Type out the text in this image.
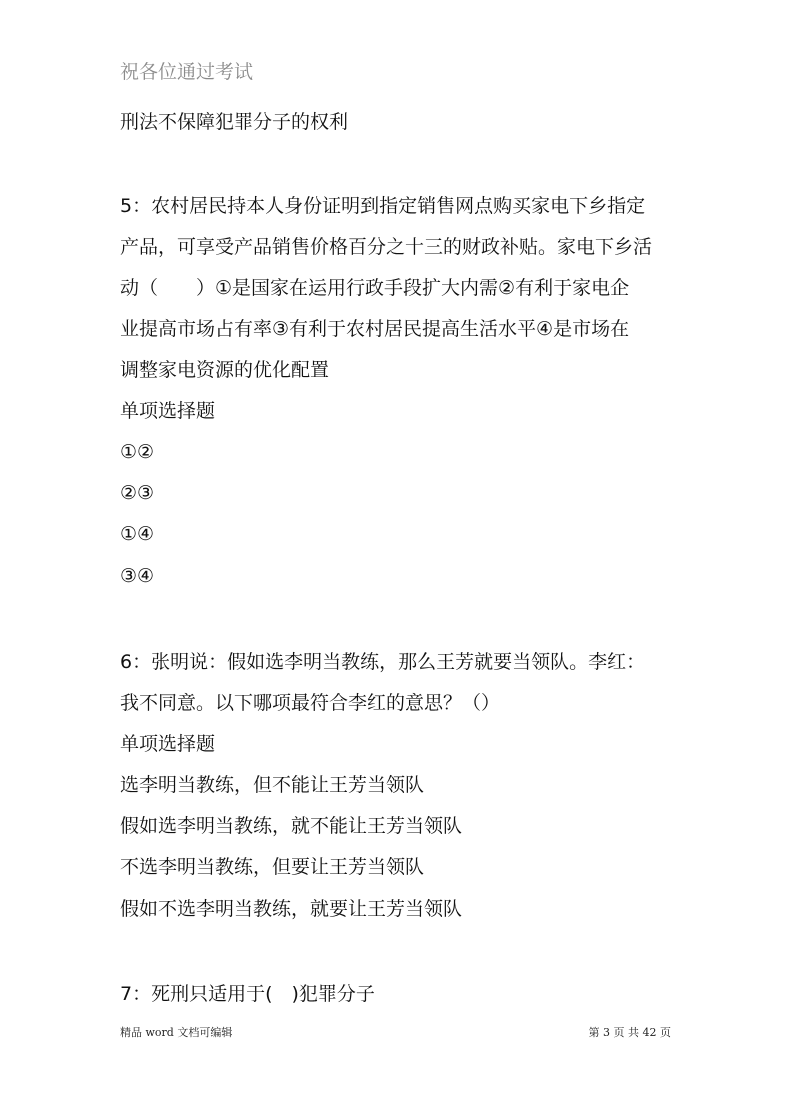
祝各位通过考试
刑法不保障犯罪分子的权利
5：农村居民持本人身份证明到指定销售网点购买家电下乡指定
产品，可享受产品销售价格百分之十三的财政补贴。家电下乡活
动（　　）①是国家在运用行政手段扩大内需②有利于家电企
业提高市场占有率③有利于农村居民提高生活水平④是市场在
调整家电资源的优化配置
单项选择题
①②
②③
①④
③④
6：张明说：假如选李明当教练，那么王芳就要当领队。李红：
我不同意。以下哪项最符合李红的意思？（）
单项选择题
选李明当教练，但不能让王芳当领队
假如选李明当教练，就不能让王芳当领队
不选李明当教练，但要让王芳当领队
假如不选李明当教练，就要让王芳当领队
7：死刑只适用于(　)犯罪分子
精品 word 文档可编辑	第 3 页 共 42 页
